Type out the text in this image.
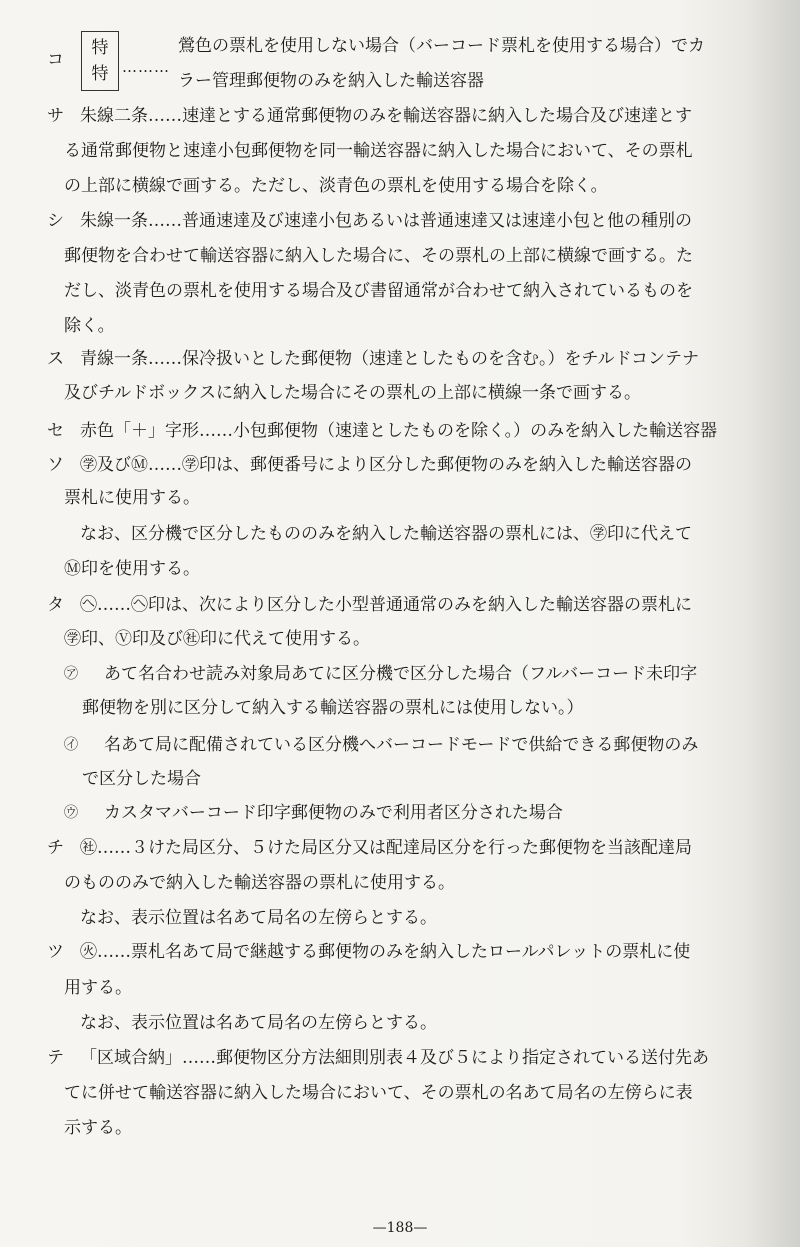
コ
特
特 ………
鶯色の票札を使用しない場合（バーコード票札を使用する場合）でカ
ラー管理郵便物のみを納入した輸送容器
サ 朱線二条……速達とする通常郵便物のみを輸送容器に納入した場合及び速達とす
る通常郵便物と速達小包郵便物を同一輸送容器に納入した場合において、その票札
の上部に横線で画する。ただし、淡青色の票札を使用する場合を除く。
シ 朱線一条……普通速達及び速達小包あるいは普通速達又は速達小包と他の種別の
郵便物を合わせて輸送容器に納入した場合に、その票札の上部に横線で画する。た
だし、淡青色の票札を使用する場合及び書留通常が合わせて納入されているものを
除く。
ス 青線一条……保冷扱いとした郵便物（速達としたものを含む。）をチルドコンテナ
及びチルドボックスに納入した場合にその票札の上部に横線一条で画する。
セ 赤色「＋」字形……小包郵便物（速達としたものを除く。）のみを納入した輸送容器
ソ ㊫及びⓂ……㊫印は、郵便番号により区分した郵便物のみを納入した輸送容器の
票札に使用する。
なお、区分機で区分したもののみを納入した輸送容器の票札には、㊫印に代えて
Ⓜ印を使用する。
タ ㋬……㋬印は、次により区分した小型普通通常のみを納入した輸送容器の票札に
㊫印、Ⓥ印及び㊓印に代えて使用する。
㋐ あて名合わせ読み対象局あてに区分機で区分した場合（フルバーコード未印字
郵便物を別に区分して納入する輸送容器の票札には使用しない。）
㋑ 名あて局に配備されている区分機へバーコードモードで供給できる郵便物のみ
で区分した場合
㋒ カスタマバーコード印字郵便物のみで利用者区分された場合
チ ㊓……３けた局区分、５けた局区分又は配達局区分を行った郵便物を当該配達局
のもののみで納入した輸送容器の票札に使用する。
なお、表示位置は名あて局名の左傍らとする。
ツ ㊋……票札名あて局で継越する郵便物のみを納入したロールパレットの票札に使
用する。
なお、表示位置は名あて局名の左傍らとする。
テ 「区域合納」……郵便物区分方法細則別表４及び５により指定されている送付先あ
てに併せて輸送容器に納入した場合において、その票札の名あて局名の左傍らに表
示する。
—188—
